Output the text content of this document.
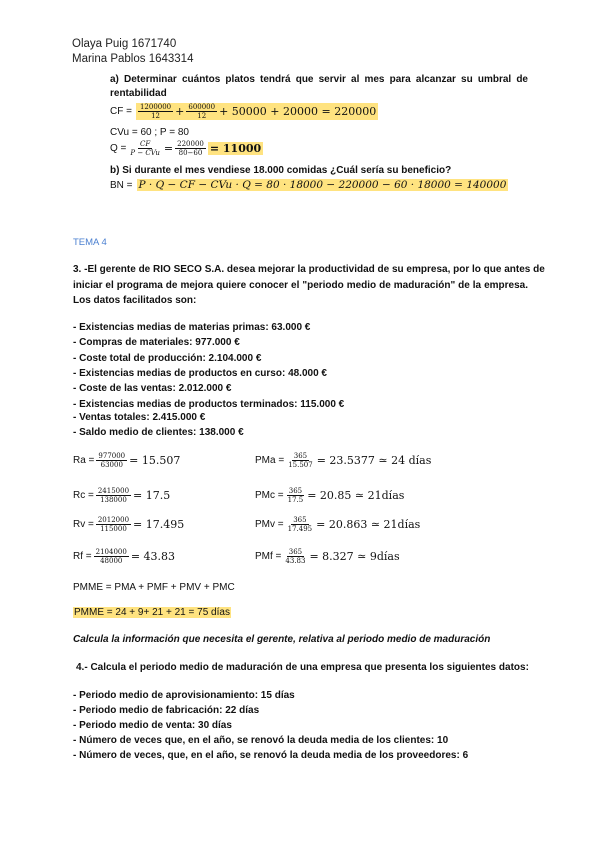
Olaya Puig 1671740
Marina Pablos 1643314
a) Determinar cuántos platos tendrá que servir al mes para alcanzar su umbral de
rentabilidad
CF = $\frac{1200000}{12} + \frac{600000}{12} + 50000 + 20000 = 220000$
CVu = 60 ; P = 80
$Q = \frac{CF}{\text{P − CVu}} = \frac{220000}{80-60} = 11000$
b) Si durante el mes vendiese 18.000 comidas ¿Cuál sería su beneficio?
BN = P · Q − CF − CVu · Q = 80 · 18000 − 220000 − 60 · 18000 = 140000
TEMA 4
3. -El gerente de RIO SECO S.A. desea mejorar la productividad de su empresa, por lo que antes de
iniciar el programa de mejora quiere conocer el "periodo medio de maduración" de la empresa.
Los datos facilitados son:
- Existencias medias de materias primas: 63.000 €
- Compras de materiales: 977.000 €
- Coste total de producción: 2.104.000 €
- Existencias medias de productos en curso: 48.000 €
- Coste de las ventas: 2.012.000 €
- Existencias medias de productos terminados: 115.000 €
- Ventas totales: 2.415.000 €
- Saldo medio de clientes: 138.000 €
$Ra = \frac{977000}{63000} = 15.507$	PMa = $\frac{365}{15.507} = 23.5377$ ≃ 24 días
$Rc = \frac{2415000}{138000} = 17.5$	PMc = $\frac{365}{17.5} = 20.85$ ≃ 21días
$Rv = \frac{2012000}{115000} = 17.495$	PMv = $\frac{365}{17.495} = 20.863$ ≃ 21días
$Rf = \frac{2104000}{48000} = 43.83$	PMf = $\frac{365}{43.83} = 8.327$ ≃ 9días
PMME = PMA + PMF + PMV + PMC
PMME = 24 + 9+ 21 + 21 = 75 días
Calcula la información que necesita el gerente, relativa al periodo medio de maduración
4.- Calcula el periodo medio de maduración de una empresa que presenta los siguientes datos:
- Periodo medio de aprovisionamiento: 15 días
- Periodo medio de fabricación: 22 días
- Periodo medio de venta: 30 días
- Número de veces que, en el año, se renovó la deuda media de los clientes: 10
- Número de veces, que, en el año, se renovó la deuda media de los proveedores: 6
